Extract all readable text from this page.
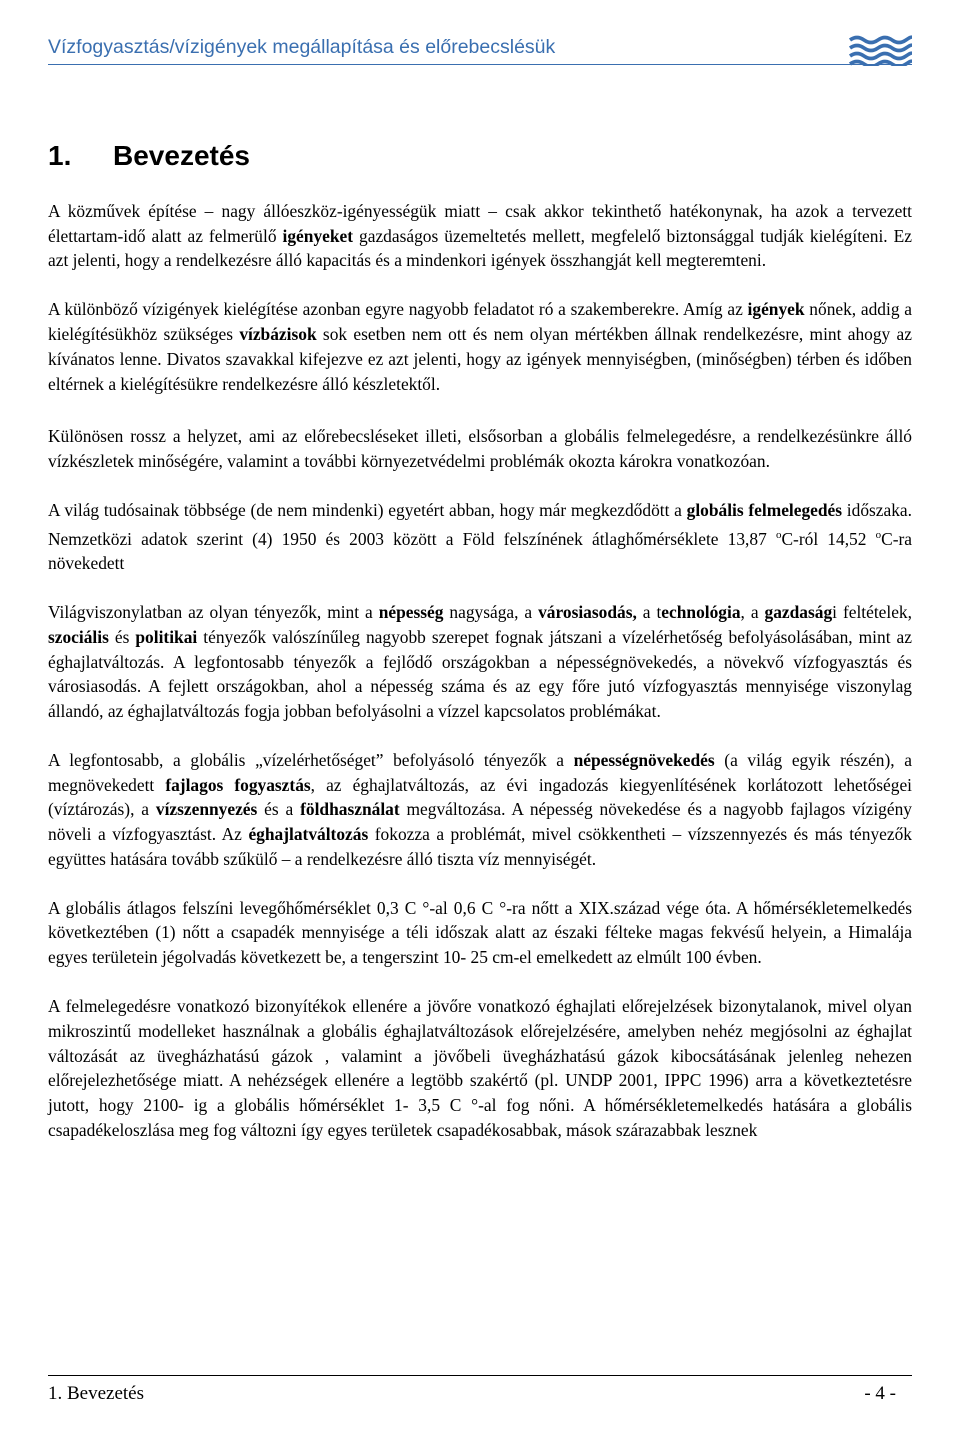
Vízfogyasztás/vízigények megállapítása és előrebecslésük
1. Bevezetés

A közművek építése – nagy állóeszköz-igényességük miatt – csak akkor tekinthető hatékonynak, ha azok a tervezett élettartam-idő alatt az felmerülő igényeket gazdaságos üzemeltetés mellett, megfelelő biztonsággal tudják kielégíteni. Ez azt jelenti, hogy a rendelkezésre álló kapacitás és a mindenkori igények összhangját kell megteremteni.

A különböző vízigények kielégítése azonban egyre nagyobb feladatot ró a szakemberekre. Amíg az igények nőnek, addig a kielégítésükhöz szükséges vízbázisok sok esetben nem ott és nem olyan mértékben állnak rendelkezésre, mint ahogy az kívánatos lenne. Divatos szavakkal kifejezve ez azt jelenti, hogy az igények mennyiségben, (minőségben) térben és időben eltérnek a kielégítésükre rendelkezésre álló készletektől.

Különösen rossz a helyzet, ami az előrebecsléseket illeti, elsősorban a globális felmelegedésre, a rendelkezésünkre álló vízkészletek minőségére, valamint a további környezetvédelmi problémák okozta károkra vonatkozóan.

A világ tudósainak többsége (de nem mindenki) egyetért abban, hogy már megkezdődött a globális felmelegedés időszaka. Nemzetközi adatok szerint (4) 1950 és 2003 között a Föld felszínének átlaghőmérséklete 13,87 $^o$C-ról 14,52 $^o$C-ra növekedett

Világviszonylatban az olyan tényezők, mint a népesség nagysága, a városiasodás, a technológia, a gazdasági feltételek, szociális és politikai tényezők valószínűleg nagyobb szerepet fognak játszani a vízelérhetőség befolyásolásában, mint az éghajlatváltozás. A legfontosabb tényezők a fejlődő országokban a népességnövekedés, a növekvő vízfogyasztás és városiasodás. A fejlett országokban, ahol a népesség száma és az egy főre jutó vízfogyasztás mennyisége viszonylag állandó, az éghajlatváltozás fogja jobban befolyásolni a vízzel kapcsolatos problémákat.

A legfontosabb, a globális „vízelérhetőséget” befolyásoló tényezők a népességnövekedés (a világ egyik részén), a megnövekedett fajlagos fogyasztás, az éghajlatváltozás, az évi ingadozás kiegyenlítésének korlátozott lehetőségei (víztározás), a vízszennyezés és a földhasználat megváltozása. A népesség növekedése és a nagyobb fajlagos vízigény növeli a vízfogyasztást. Az éghajlatváltozás fokozza a problémát, mivel csökkentheti – vízszennyezés és más tényezők együttes hatására tovább szűkülő – a rendelkezésre álló tiszta víz mennyiségét.

A globális átlagos felszíni levegőhőmérséklet 0,3 C °-al 0,6 C °-ra nőtt a XIX.század vége óta. A hőmérsékletemelkedés következtében (1) nőtt a csapadék mennyisége a téli időszak alatt az északi félteke magas fekvésű helyein, a Himalája egyes területein jégolvadás következett be, a tengerszint 10- 25 cm-el emelkedett az elmúlt 100 évben.

A felmelegedésre vonatkozó bizonyítékok ellenére a jövőre vonatkozó éghajlati előrejelzések bizonytalanok, mivel olyan mikroszintű modelleket használnak a globális éghajlatváltozások előrejelzésére, amelyben nehéz megjósolni az éghajlat változását az üvegházhatású gázok , valamint a jövőbeli üvegházhatású gázok kibocsátásának jelenleg nehezen előrejelezhetősége miatt. A nehézségek ellenére a legtöbb szakértő (pl. UNDP 2001, IPPC 1996) arra a következtetésre jutott, hogy 2100- ig a globális hőmérséklet 1- 3,5 C °-al fog nőni. A hőmérsékletemelkedés hatására a globális csapadékeloszlása meg fog változni így egyes területek csapadékosabbak, mások szárazabbak lesznek

1. Bevezetés	- 4 -
